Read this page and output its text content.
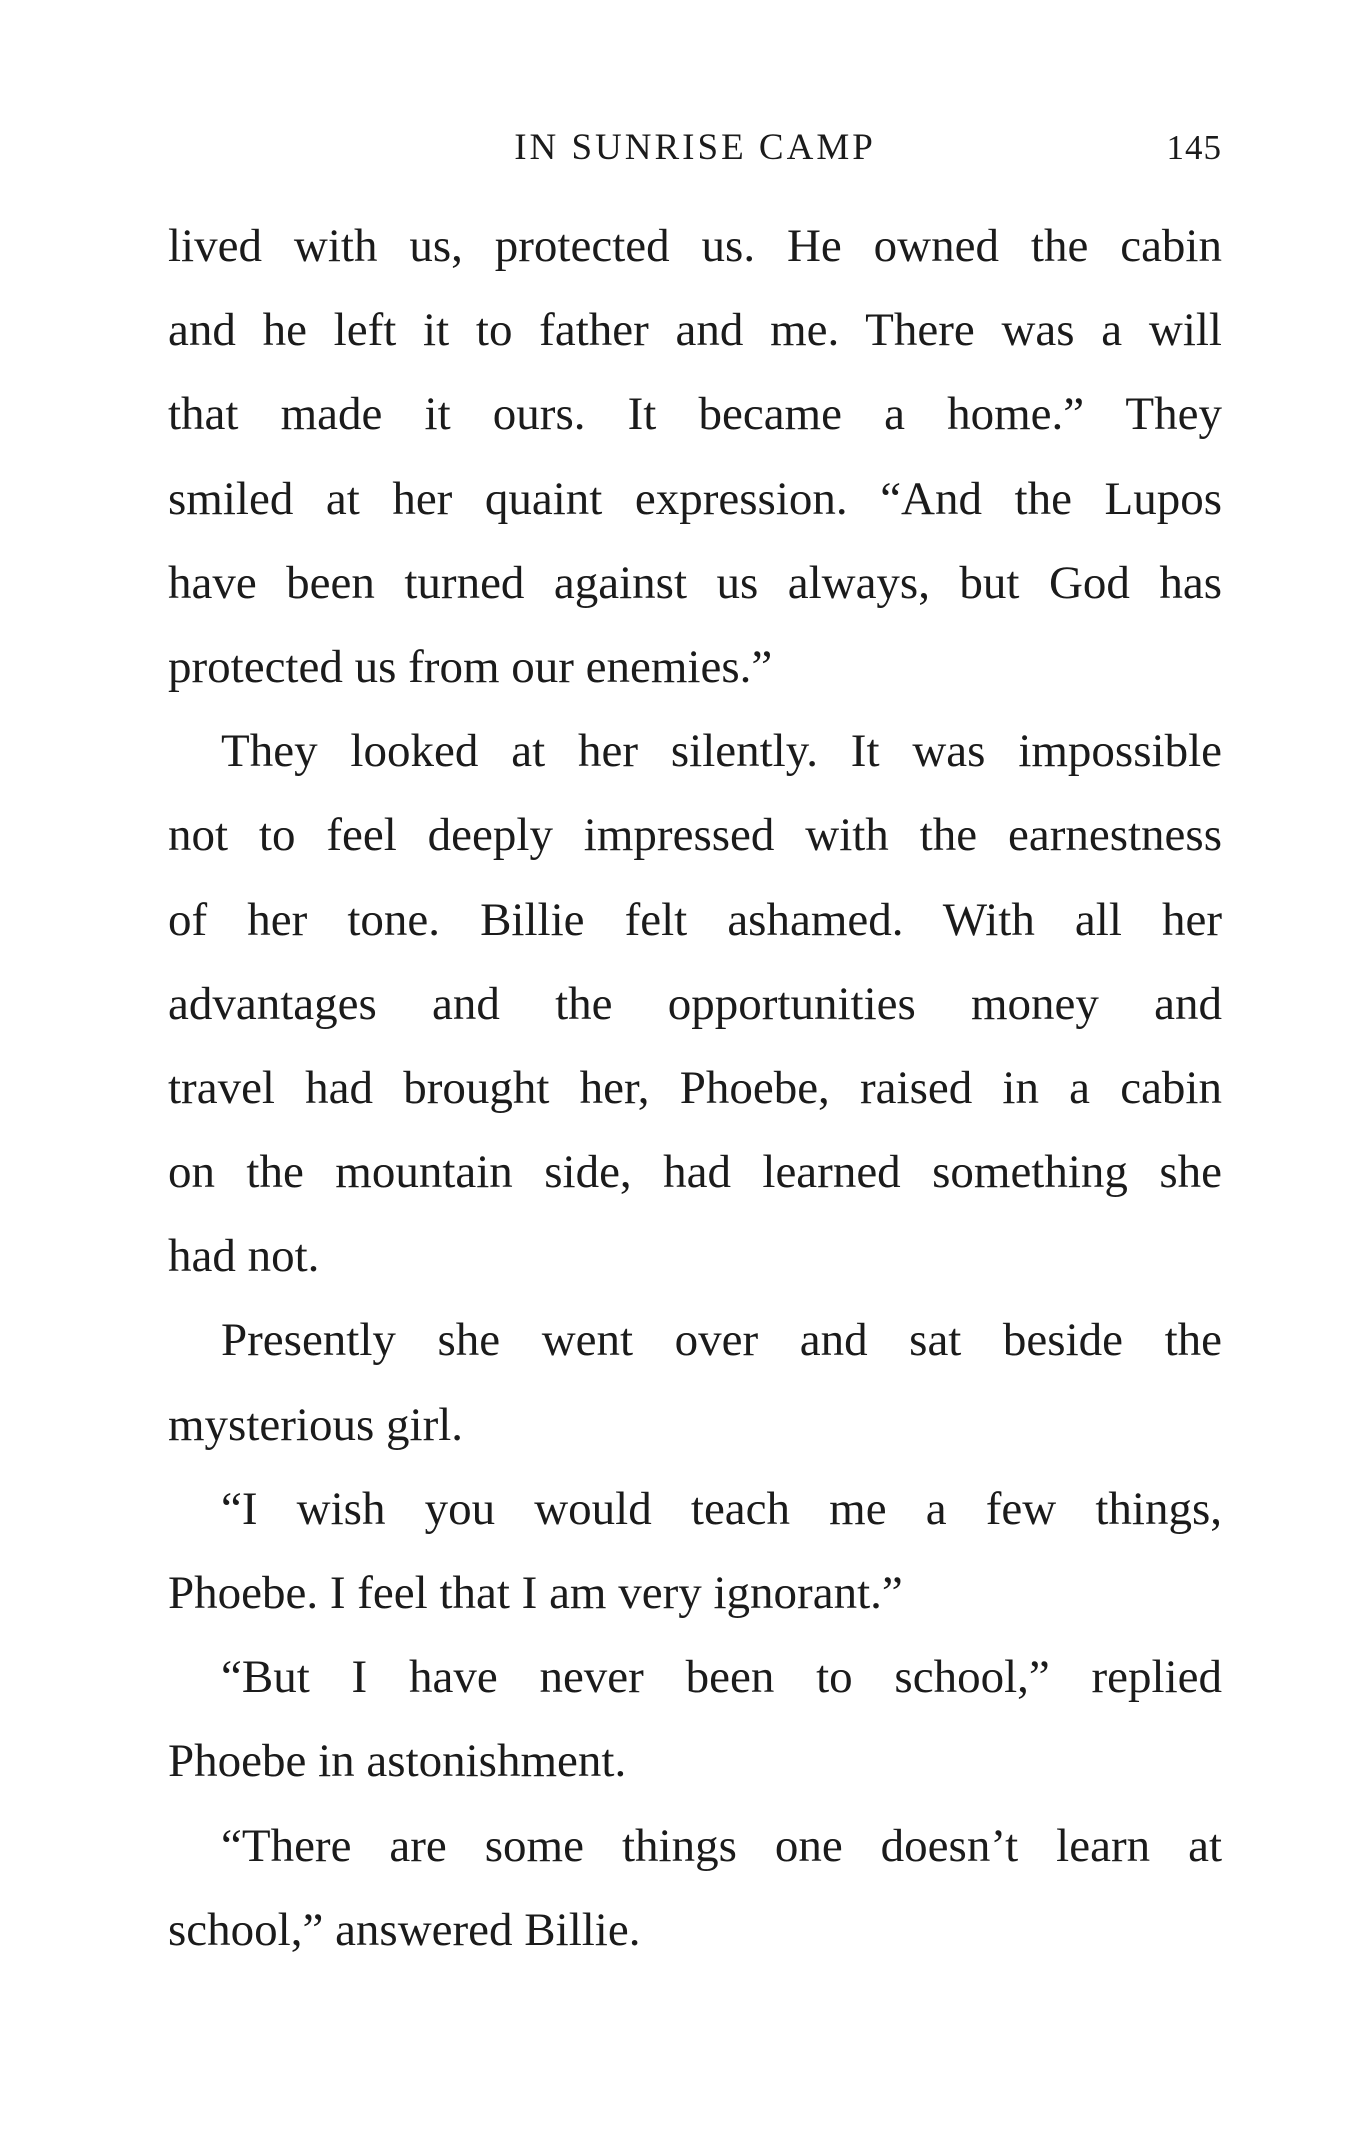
IN SUNRISE CAMP	145
lived with us, protected us. He owned the cabin
and he left it to father and me. There was a will
that made it ours. It became a home.” They
smiled at her quaint expression. “And the Lupos
have been turned against us always, but God has
protected us from our enemies.”
They looked at her silently. It was impossible
not to feel deeply impressed with the earnestness
of her tone. Billie felt ashamed. With all her
advantages and the opportunities money and
travel had brought her, Phoebe, raised in a cabin
on the mountain side, had learned something she
had not.
Presently she went over and sat beside the
mysterious girl.
“I wish you would teach me a few things,
Phoebe. I feel that I am very ignorant.”
“But I have never been to school,” replied
Phoebe in astonishment.
“There are some things one doesn’t learn at
school,” answered Billie.
